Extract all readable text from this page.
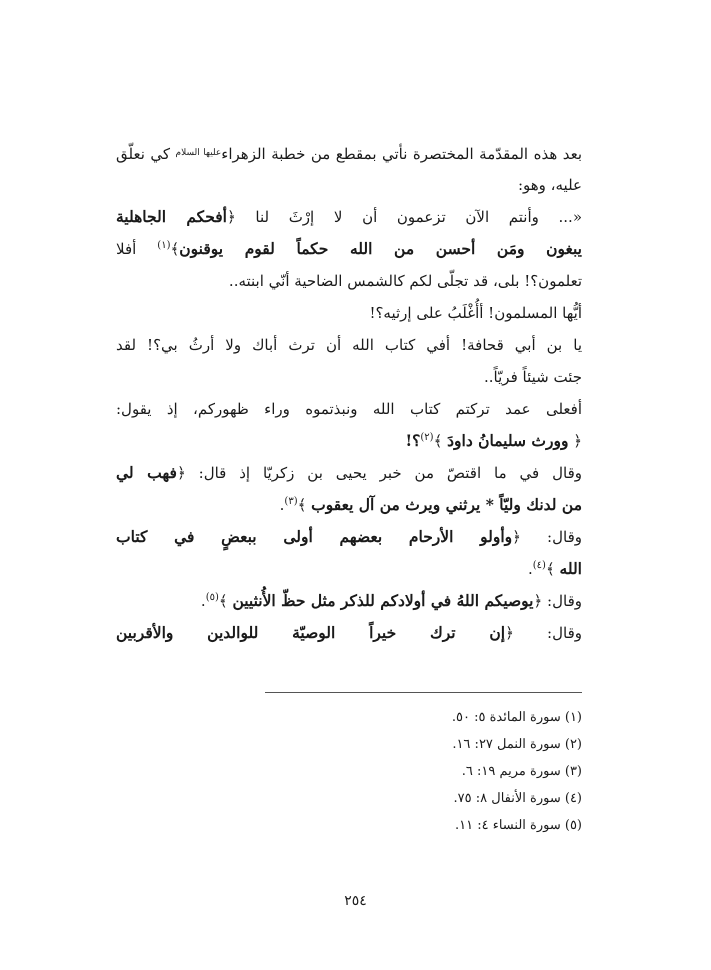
بعد هذه المقدّمة المختصرة نأتي بمقطع من خطبة الزهراء$^{عليها السلام}$ كي نعلّق
عليه، وهو:
«... وأنتم الآن تزعمون أن لا إرْثَ لنا ﴿أفحكم الجاهلية
يبغون ومَن أحسن من الله حكماً لقوم يوقنون﴾$^{(١)}$ أفلا
تعلمون؟! بلى، قد تجلّى لكم كالشمس الضاحية أنّي ابنته..
أيُّها المسلمون! أأُغْلَبُ على إرثيه؟!
يا بن أبي قحافة! أفي كتاب الله أن ترث أباك ولا أرثُ بي؟! لقد
جئت شيئاً فريّاً..
أفعلى عمد تركتم كتاب الله ونبذتموه وراء ظهوركم، إذ يقول:
﴿ وورث سليمانُ داودَ ﴾$^{(٢)}$؟!
وقال في ما اقتصّ من خبر يحيى بن زكريّا إذ قال: ﴿فهب لي
من لدنك وليّاً * يرثني ويرث من آل يعقوب ﴾$^{(٣)}$.
وقال: ﴿وأولو الأرحام بعضهم أولى ببعضٍ في كتاب
الله ﴾$^{(٤)}$.
وقال: ﴿يوصيكم اللهُ في أولادكم للذكر مثل حظّ الأُنثيين ﴾$^{(٥)}$.
وقال: ﴿إن ترك خيراً الوصيّة للوالدين والأقربين
(١) سورة المائدة ٥: ٥٠.
(٢) سورة النمل ٢٧: ١٦.
(٣) سورة مريم ١٩: ٦.
(٤) سورة الأنفال ٨: ٧٥.
(٥) سورة النساء ٤: ١١.
٢٥٤
